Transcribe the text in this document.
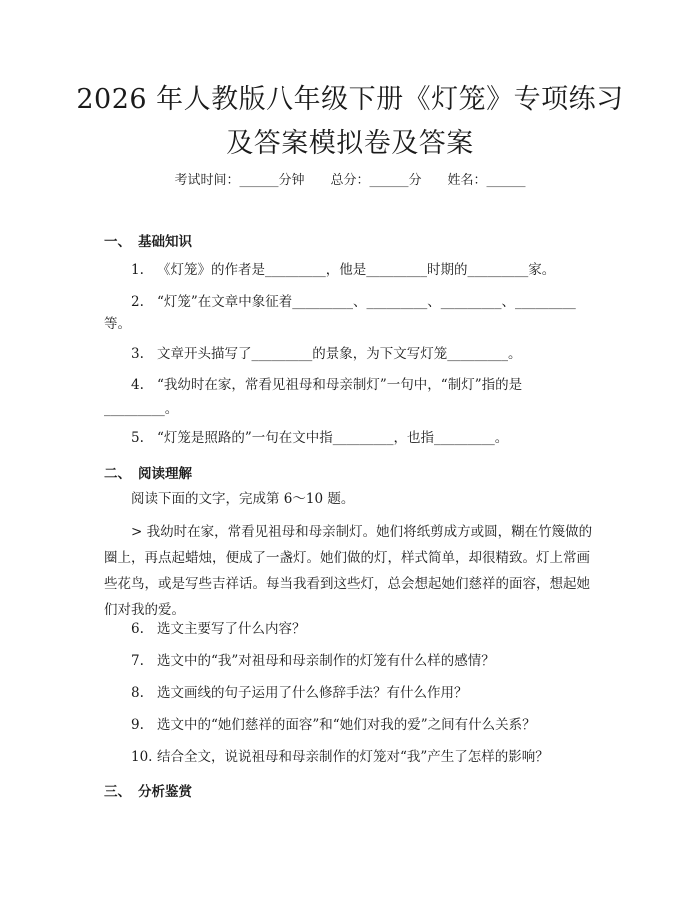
2026 年人教版八年级下册《灯笼》专项练习
及答案模拟卷及答案
考试时间：______分钟 总分：______分 姓名：______
一、 基础知识
1. 《灯笼》的作者是_________，他是_________时期的_________家。
2. “灯笼”在文章中象征着_________、_________、_________、_________
等。
3. 文章开头描写了_________的景象，为下文写灯笼_________。
4. “我幼时在家，常看见祖母和母亲制灯”一句中，“制灯”指的是
_________。
5. “灯笼是照路的”一句在文中指_________，也指_________。
二、 阅读理解
阅读下面的文字，完成第 6～10 题。
> 我幼时在家，常看见祖母和母亲制灯。她们将纸剪成方或圆，糊在竹篾做的
圈上，再点起蜡烛，便成了一盏灯。她们做的灯，样式简单，却很精致。灯上常画
些花鸟，或是写些吉祥话。每当我看到这些灯，总会想起她们慈祥的面容，想起她
们对我的爱。
6. 选文主要写了什么内容？
7. 选文中的“我”对祖母和母亲制作的灯笼有什么样的感情？
8. 选文画线的句子运用了什么修辞手法？有什么作用？
9. 选文中的“她们慈祥的面容”和“她们对我的爱”之间有什么关系？
10. 结合全文，说说祖母和母亲制作的灯笼对“我”产生了怎样的影响？
三、 分析鉴赏
